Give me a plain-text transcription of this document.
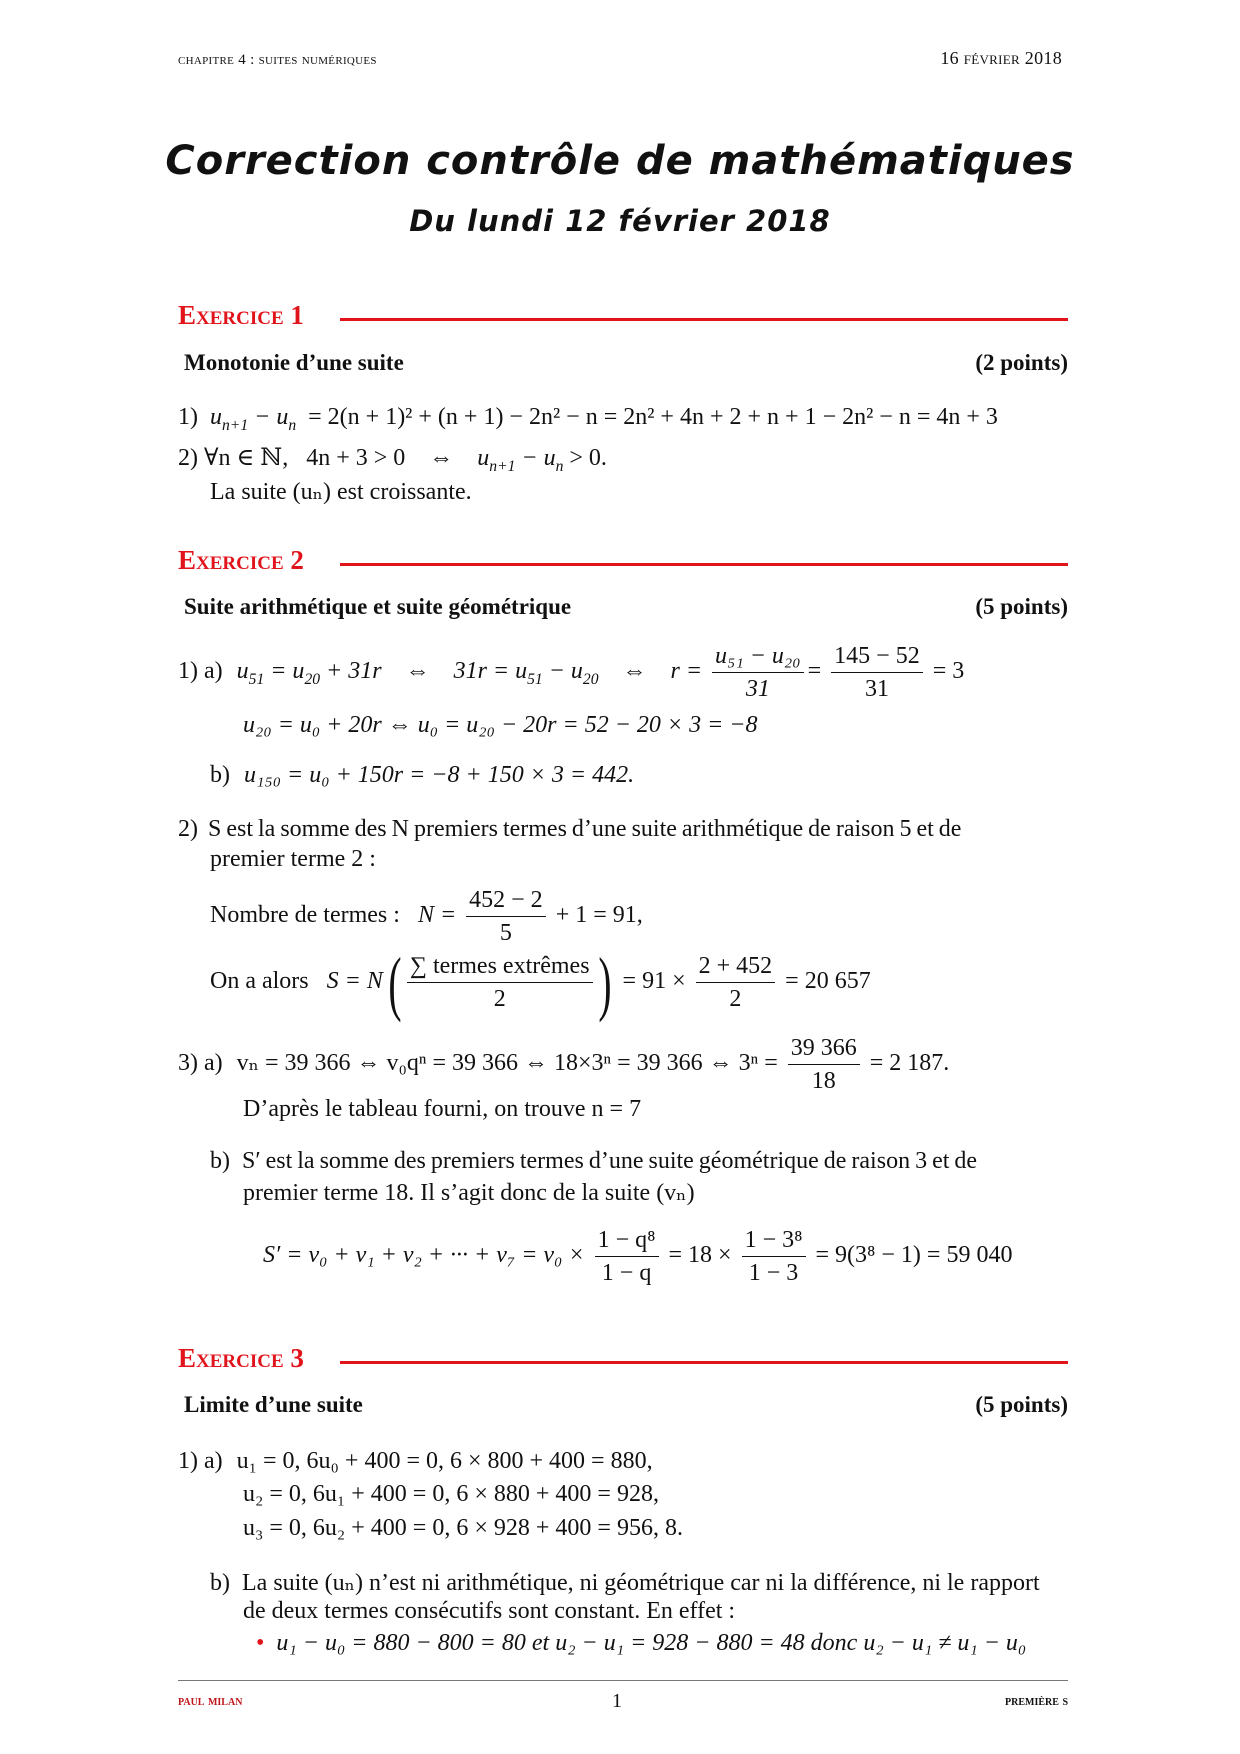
chapitre 4 : suites numériques	16 février 2018
Correction contrôle de mathématiques
Du lundi 12 février 2018
Exercice 1
Monotonie d’une suite	(2 points)
1)  $u_{n+1} - u_n = 2(n + 1)^2 + (n + 1) - 2n^2 - n = 2n^2 + 4n + 2 + n + 1 - 2n^2 - n = 4n + 3$
2) ∀n ∈ ℕ, 4n + 3 > 0 ⇔ $u_{n+1} - u_n > 0$.
La suite (uₙ) est croissante.
Exercice 2
Suite arithmétique et suite géométrique	(5 points)
1) a) $u_{51} = u_{20} + 31r$    ⇔    $31r = u_{51} - u_{20}$    ⇔    $r = \frac{\text{u₅₁ − u₂₀}}{31} = \frac{145 - 52}{31} = 3$
u₂₀ = u₀ + 20r ⇔ u₀ = u₂₀ − 20r = 52 − 20 × 3 = −8
b) u₁₅₀ = u₀ + 150r = −8 + 150 × 3 = 442.
2) S est la somme des N premiers termes d’une suite arithmétique de raison 5 et de
premier terme 2 :
Nombre de termes :   $N = \frac{452 - 2}{5} + 1 = 91$,
On a alors   $S = N( \frac{\text{∑ termes extrêmes}}{2}$ ) = $91 \times \frac{2 + 452}{2} = 20$ 657
3) a) vₙ = 39 366 ⇔ v₀qⁿ = 39 366 ⇔ 18×3ⁿ = 39 366 ⇔ $3^n = \frac{39 366}{18} = 2$ 187.
D’après le tableau fourni, on trouve n = 7
b) S′ est la somme des premiers termes d’une suite géométrique de raison 3 et de
premier terme 18. Il s’agit donc de la suite (vₙ)
S′ = v₀ + v₁ + v₂ + ··· + $v_7 = v_0 \times \frac{\text{1 − q⁸}}{1 - q} = 18 \times \frac{\text{1 − 3⁸}}{1 - 3} = 9(3^8 - 1) = 59$ 040
Exercice 3
Limite d’une suite	(5 points)
1) a) u₁ = 0, 6u₀ + 400 = 0, 6 × 800 + 400 = 880,
u₂ = 0, 6u₁ + 400 = 0, 6 × 880 + 400 = 928,
u₃ = 0, 6u₂ + 400 = 0, 6 × 928 + 400 = 956, 8.
b) La suite (uₙ) n’est ni arithmétique, ni géométrique car ni la différence, ni le rapport
de deux termes consécutifs sont constant. En effet :
• u₁ − u₀ = 880 − 800 = 80 et u₂ − u₁ = 928 − 880 = 48 donc u₂ − u₁ ≠ u₁ − u₀
paul milan	1	première s
